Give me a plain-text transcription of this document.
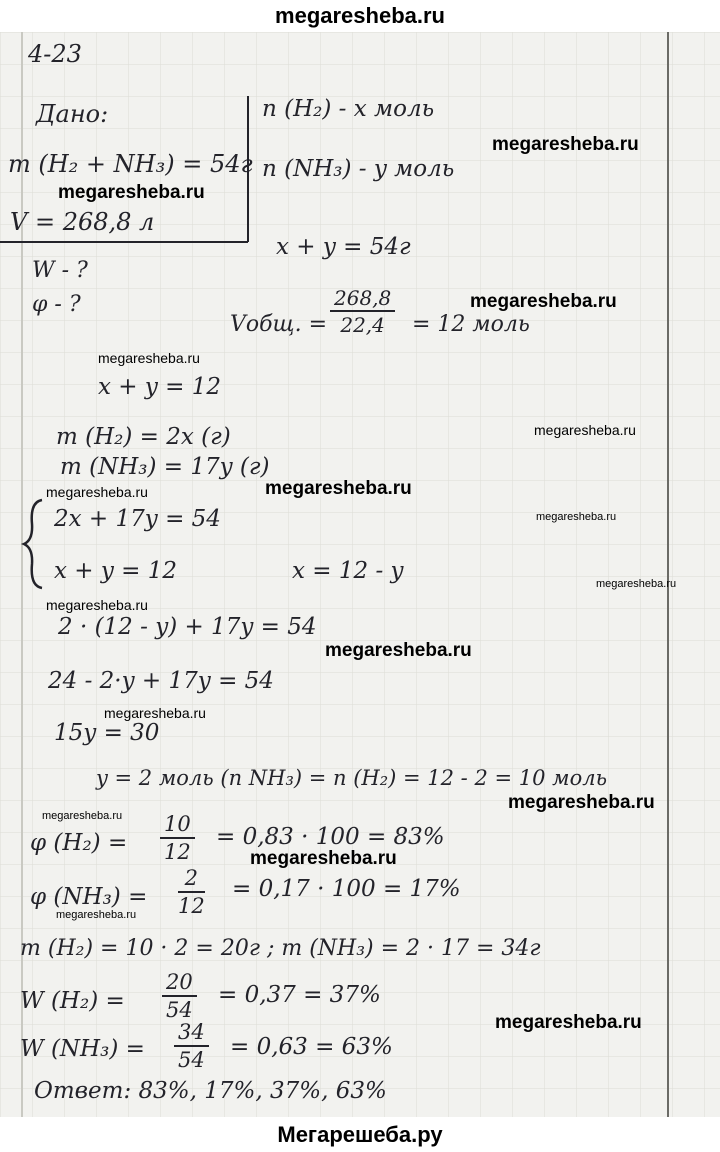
megaresheba.ru
4-23
Дано:
m (H₂ + NH₃) = 54г
V = 268,8 л
W - ?
φ - ?
n (H₂) - x моль
n (NH₃) - y моль
x + y = 54г
Vобщ. = $\frac{268,8}{22,4} = 12$ моль
x + y = 12
m (H₂) = 2x (г)
m (NH₃) = 17y (г)
2x + 17y = 54
x + y = 12	x = 12 - y
2 · (12 - y) + 17y = 54
24 - 2·y + 17y = 54
15y = 30
y = 2 моль (n NH₃) = n (H₂) = 12 - 2 = 10 моль
φ $(H_2) = \frac{10}{12} = 0,83 \cdot 100 = 83\%$
φ $(NH_3) = \frac{2}{12} = 0,17 \cdot 100 = 17\%$
m (H₂) = 10 · 2 = 20г ; m (NH₃) = 2 · 17 = 34г
W $(H_2) = \frac{20}{54} = 0,37 = 37\%$
W $(NH_3) = \frac{34}{54} = 0,63 = 63\%$
Ответ: 83%, 17%, 37%, 63%
megaresheba.ru
megaresheba.ru
megaresheba.ru
megaresheba.ru
megaresheba.ru
megaresheba.ru	megaresheba.ru
megaresheba.ru
megaresheba.ru
megaresheba.ru
megaresheba.ru
megaresheba.ru
megaresheba.ru
megaresheba.ru
megaresheba.ru
megaresheba.ru
megaresheba.ru
Мегарешеба.ру
